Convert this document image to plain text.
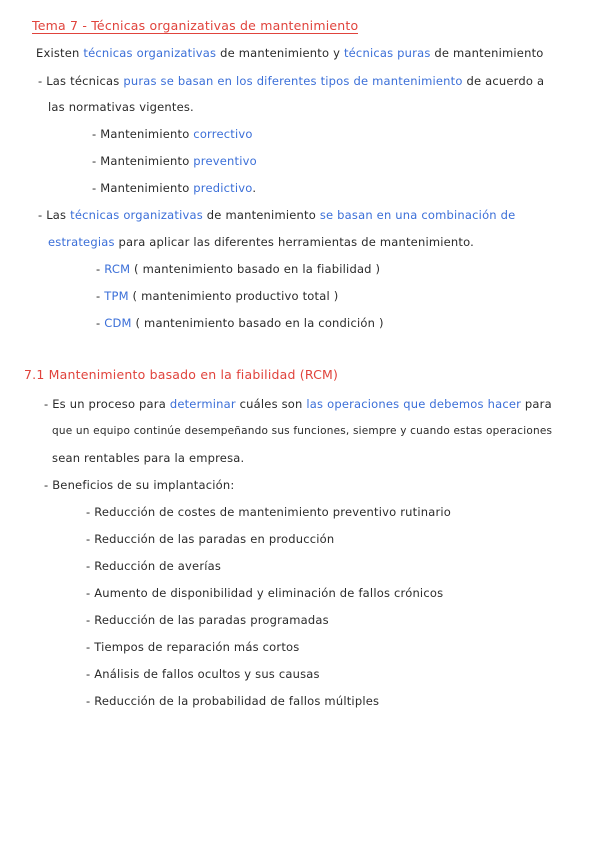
Tema 7 - Técnicas organizativas de mantenimiento
Existen técnicas organizativas de mantenimiento y técnicas puras de mantenimiento
- Las técnicas puras se basan en los diferentes tipos de mantenimiento de acuerdo a
las normativas vigentes.
- Mantenimiento correctivo
- Mantenimiento preventivo
- Mantenimiento predictivo.
- Las técnicas organizativas de mantenimiento se basan en una combinación de
estrategias para aplicar las diferentes herramientas de mantenimiento.
- RCM ( mantenimiento basado en la fiabilidad )
- TPM ( mantenimiento productivo total )
- CDM ( mantenimiento basado en la condición )
7.1 Mantenimiento basado en la fiabilidad (RCM)
- Es un proceso para determinar cuáles son las operaciones que debemos hacer para
que un equipo continúe desempeñando sus funciones, siempre y cuando estas operaciones
sean rentables para la empresa.
- Beneficios de su implantación:
- Reducción de costes de mantenimiento preventivo rutinario
- Reducción de las paradas en producción
- Reducción de averías
- Aumento de disponibilidad y eliminación de fallos crónicos
- Reducción de las paradas programadas
- Tiempos de reparación más cortos
- Análisis de fallos ocultos y sus causas
- Reducción de la probabilidad de fallos múltiples
